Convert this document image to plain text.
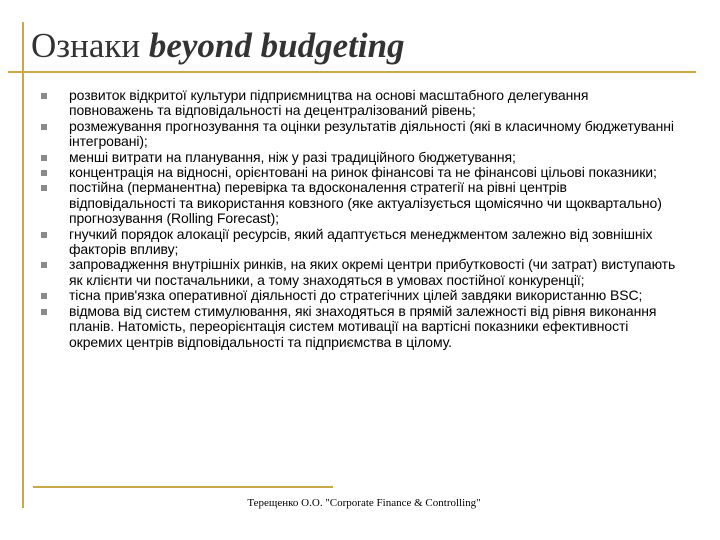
Ознаки beyond budgeting
розвиток відкритої культури підприємництва на основі масштабного делегування повноважень та відповідальності на децентралізований рівень;
розмежування прогнозування та оцінки результатів діяльності (які в класичному бюджетуванні інтегровані);
менші витрати на планування, ніж у разі традиційного бюджетування;
концентрація на відносні, орієнтовані на ринок фінансові та не фінансові цільові показники;
постійна (перманентна) перевірка та вдосконалення стратегії на рівні центрів відповідальності та використання ковзного (яке актуалізується щомісячно чи щоквартально) прогнозування (Rolling Forecast);
гнучкий порядок алокації ресурсів, який адаптується менеджментом залежно від зовнішніх факторів впливу;
запровадження внутрішніх ринків, на яких окремі центри прибутковості (чи затрат) виступають як клієнти чи постачальники, а тому знаходяться в умовах постійної конкуренції;
тісна прив'язка оперативної діяльності до стратегічних цілей завдяки використанню BSC;
відмова від систем стимулювання, які знаходяться в прямій залежності від рівня виконання планів. Натомість, переорієнтація систем мотивації на вартісні показники ефективності окремих центрів відповідальності та підприємства в цілому.

Терещенко О.О. "Corporate Finance & Controlling"
